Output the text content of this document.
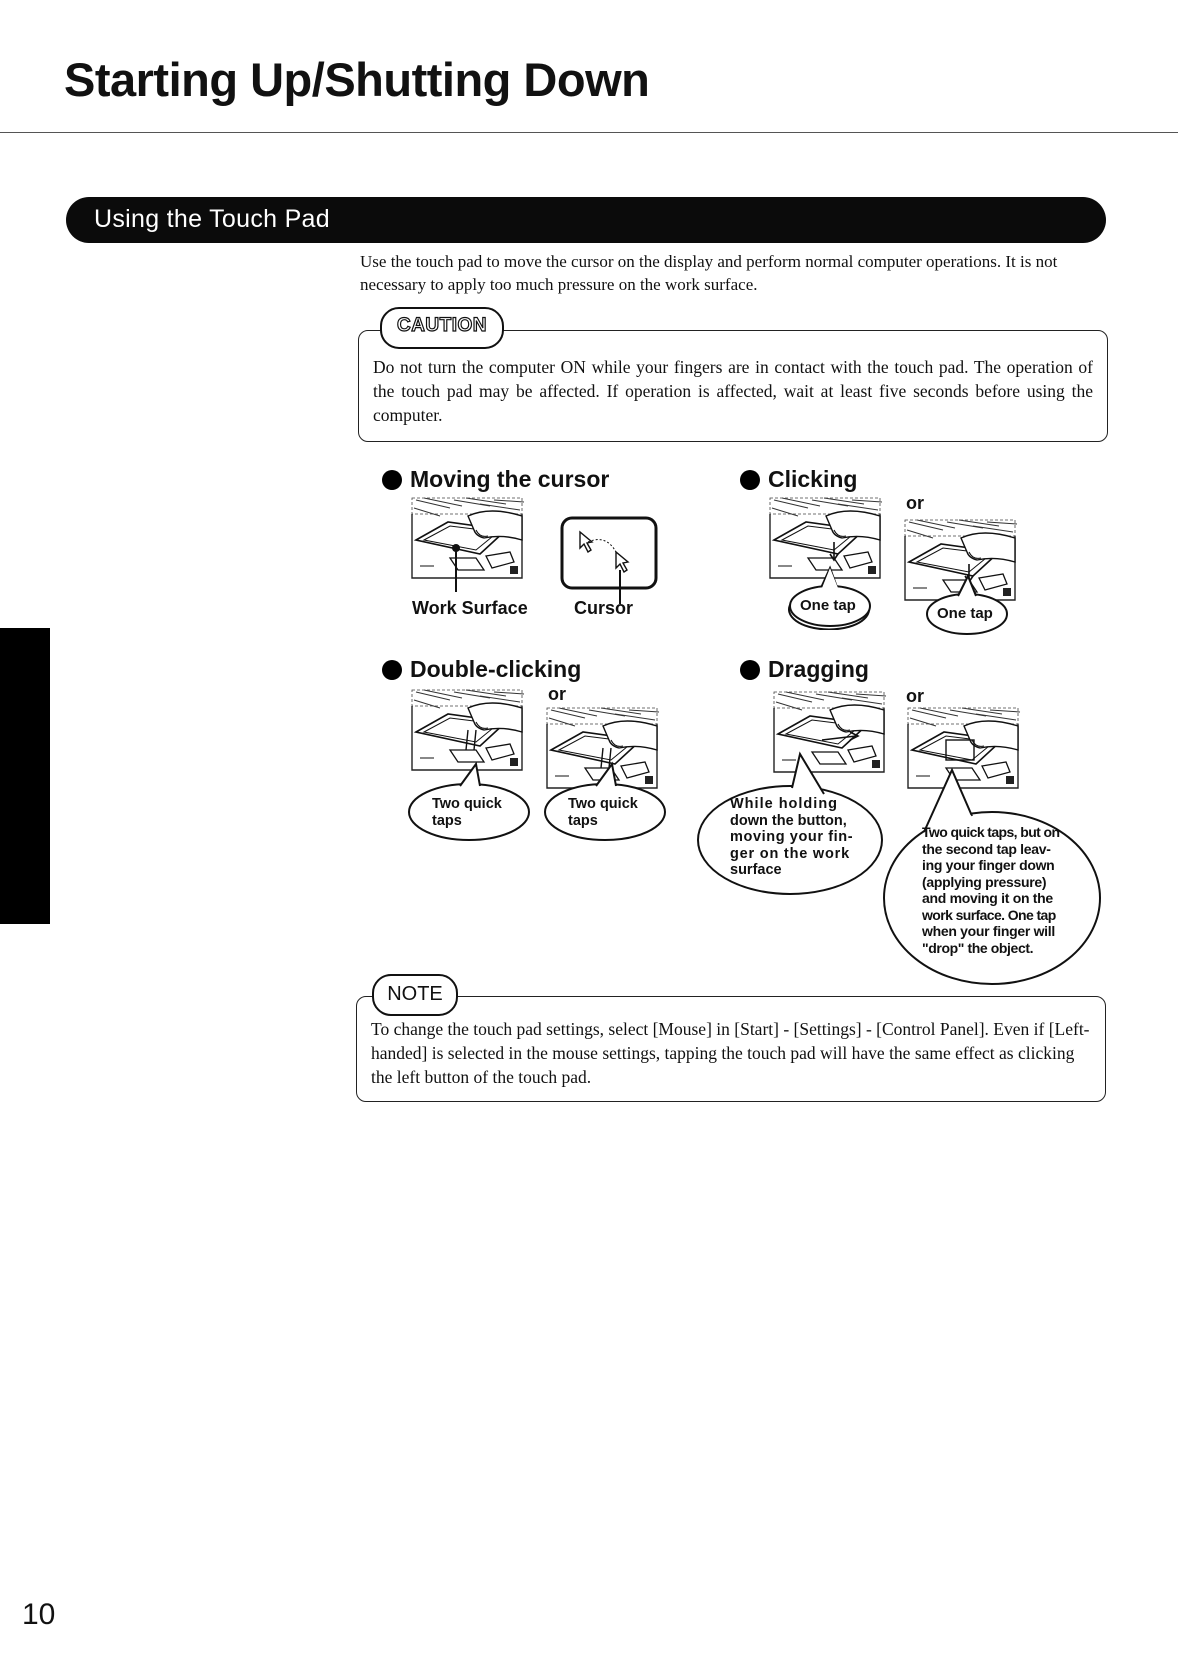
Starting Up/Shutting Down
Using the Touch Pad

Use the touch pad to move the cursor on the display and perform normal computer operations. It is not necessary to apply too much pressure on the work surface.

Do not turn the computer ON while your fingers are in contact with the touch pad. The operation of the touch pad may be affected. If operation is affected, wait at least five seconds before using the computer.

CAUTION
Moving the cursor
Work Surface	Cursor
Clicking
or
One tap	One tap
Double-clicking
or

Two quick

taps

Two quick

taps

Dragging
or

While holding

down the button,

moving your fin-

ger on the work

surface

Two quick taps, but on

the second tap leav-

ing your finger down

(applying pressure)

and moving it on the

work surface. One tap

when your finger will

"drop" the object.

To change the touch pad settings, select [Mouse] in [Start] - [Settings] - [Control Panel]. Even if [Left-handed] is selected in the mouse settings, tapping the touch pad will have the same effect as clicking the left button of the touch pad.

NOTE

10
